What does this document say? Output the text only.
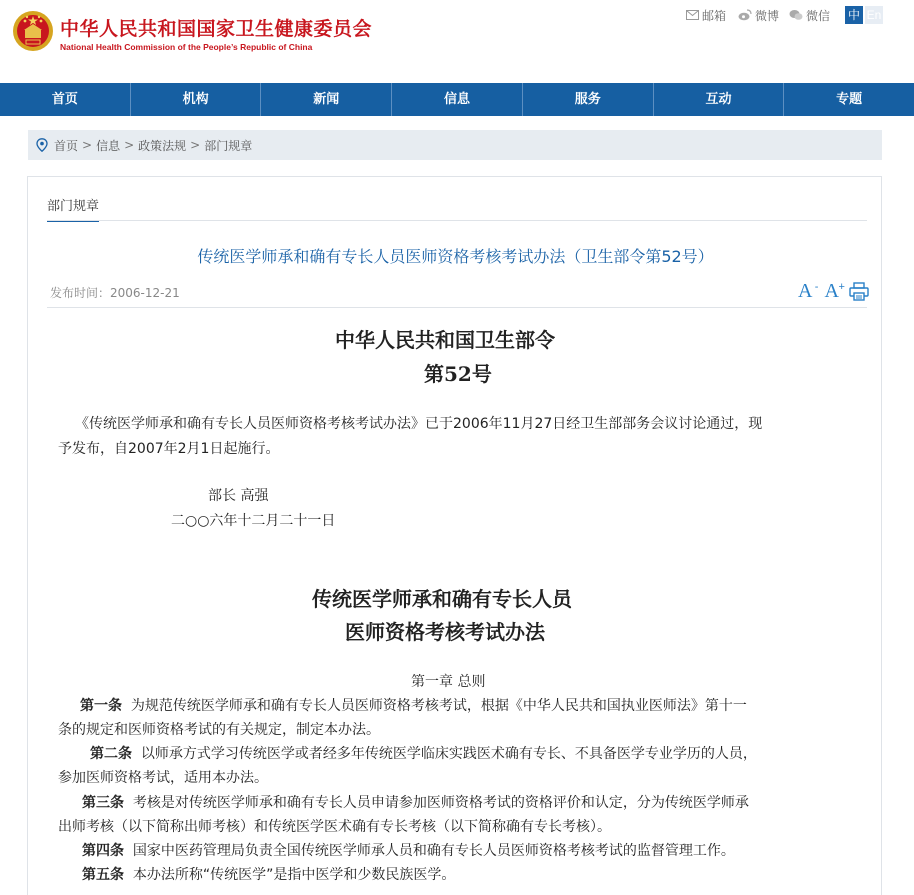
中华人民共和国国家卫生健康委员会
National Health Commission of the People’s Republic of China
邮箱 微博 微信 中 En
首页	机构	新闻	信息	服务	互动	专题
首页 > 信息 > 政策法规 > 部门规章
部门规章
传统医学师承和确有专长人员医师资格考核考试办法（卫生部令第52号）
发布时间：2006-12-21	A - A +
中华人民共和国卫生部令
第52号
《传统医学师承和确有专长人员医师资格考核考试办法》已于2006年11月27日经卫生部部务会议讨论通过，现
予发布，自2007年2月1日起施行。
部长 高强
二○○六年十二月二十一日
传统医学师承和确有专长人员
医师资格考核考试办法
第一章 总则
第一条 为规范传统医学师承和确有专长人员医师资格考核考试，根据《中华人民共和国执业医师法》第十一
条的规定和医师资格考试的有关规定，制定本办法。
第二条 以师承方式学习传统医学或者经多年传统医学临床实践医术确有专长、不具备医学专业学历的人员，
参加医师资格考试，适用本办法。
第三条 考核是对传统医学师承和确有专长人员申请参加医师资格考试的资格评价和认定，分为传统医学师承
出师考核（以下简称出师考核）和传统医学医术确有专长考核（以下简称确有专长考核）。
第四条 国家中医药管理局负责全国传统医学师承人员和确有专长人员医师资格考核考试的监督管理工作。
第五条 本办法所称“传统医学”是指中医学和少数民族医学。
